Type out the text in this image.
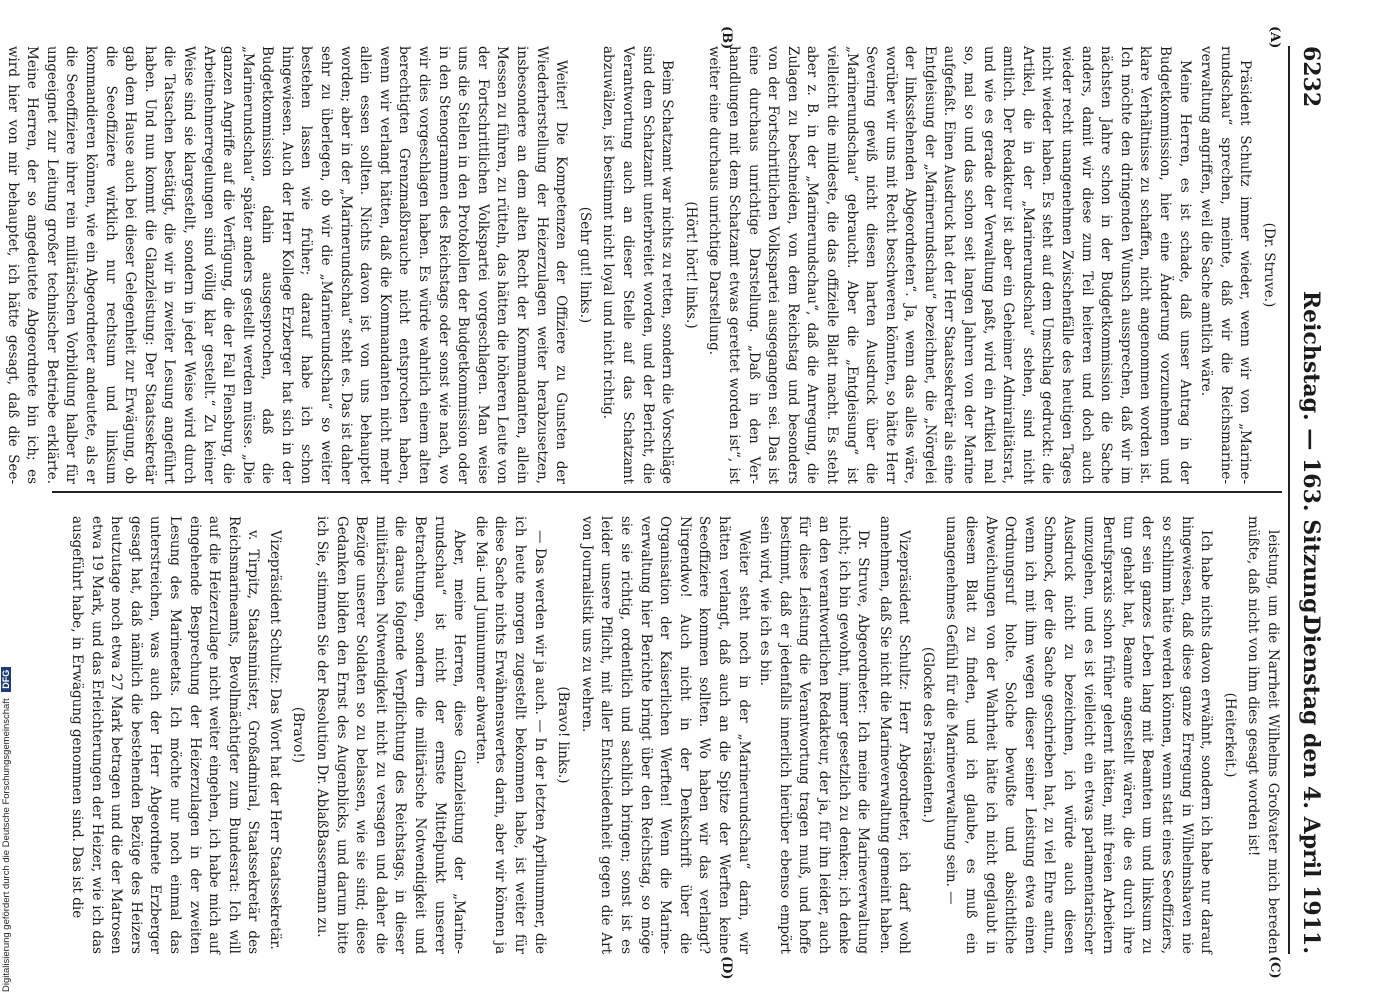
6232
Reichstag. — 163. Sitzung.
Dienstag den 4. April 1911.
(A)
(B)
(C)
(D)

(Dr. Struve.)

Präsident Schultz immer wieder, wenn wir von „Marinerundschau“ sprechen, meinte, daß wir die Reichsmarineverwaltung angriffen, weil die Sache amtlich wäre.

Meine Herren, es ist schade, daß unser Antrag in der Budgetkommission, hier eine Änderung vorzunehmen und klare Verhältnisse zu schaffen, nicht angenommen worden ist. Ich möchte den dringenden Wunsch aussprechen, daß wir im nächsten Jahre schon in der Budgetkommission die Sache anders, damit wir diese zum Teil heiteren und doch auch wieder recht unangenehmen Zwischenfälle des heutigen Tages nicht wieder haben. Es steht auf dem Umschlag gedruckt: die Artikel, die in der „Marinerundschau“ stehen, sind nicht amtlich. Der Redakteur ist aber ein Geheimer Admiralitätsrat, und wie es gerade der Verwaltung paßt, wird ein Artikel mal so, mal so und das schon seit langen Jahren von der Marine aufgefaßt. Einen Ausdruck hat der Herr Staatssekretär als eine Entgleisung der „Marinerundschau“ bezeichnet, die „Nörgelei der linksstehenden Abgeordneten“. Ja, wenn das alles wäre, worüber wir uns mit Recht beschweren könnten, so hätte Herr Severing gewiß nicht diesen harten Ausdruck über die „Marinerundschau“ gebraucht. Aber die „Entgleisung“ ist vielleicht die mildeste, die das offizielle Blatt macht. Es steht aber z. B. in der „Marinerundschau“, daß die Anregung, die Zulagen zu beschneiden, von dem Reichstag und besonders von der Fortschrittlichen Volkspartei ausgegangen sei. Das ist eine durchaus unrichtige Darstellung. „Daß in den Verhandlungen mit dem Schatzamt etwas gerettet worden ist“, ist weiter eine durchaus unrichtige Darstellung.

(Hört! hört! links.)

Beim Schatzamt war nichts zu retten, sondern die Vorschläge sind dem Schatzamt unterbreitet worden, und der Bericht, die Verantwortung auch an dieser Stelle auf das Schatzamt abzuwälzen, ist bestimmt nicht loyal und nicht richtig.

(Sehr gut! links.)

Weiter! Die Kompetenzen der Offiziere zu Gunsten der Wiederherstellung der Heizerzulagen weiter herabzusetzen, insbesondere an dem alten Recht der Kommandanten, allein Messen zu führen, zu rütteln, das hätten die höheren Leute von der Fortschrittlichen Volkspartei vorgeschlagen. Man weise uns die Stellen in den Protokollen der Budgetkommission oder in den Stenogrammen des Reichstags oder sonst wie nach, wo wir dies vorgeschlagen haben. Es würde wahrlich einem alten berechtigten Grenzmaßbrauche nicht entsprochen haben, wenn wir verlangt hätten, daß die Kommandanten nicht mehr allein essen sollten. Nichts davon ist von uns behauptet worden; aber in der „Marinerundschau“ steht es. Das ist daher sehr zu überlegen, ob wir die „Marinerundschau“ so weiter bestehen lassen wie früher; darauf habe ich schon hingewiesen. Auch der Herr Kollege Erzberger hat sich in der Budgetkommission dahin ausgesprochen, daß die „Marinerundschau“ später anders gestellt werden müsse. „Die ganzen Angriffe auf die Verfügung, die der Fall Flensburg, die Arbeitnehmerregelungen sind völlig klar gestellt.“ Zu keiner Weise sind sie klargestellt, sondern in jeder Weise wird durch die Tatsachen bestätigt, die wir in zweiter Lesung angeführt haben. Und nun kommt die Glanzleistung: Der Staatssekretär gab dem Hause auch bei dieser Gelegenheit zur Erwägung, ob die Seeoffiziere wirklich nur rechtsum und linksum kommandieren können, wie ein Abgeordneter andeutete, als er die Seeoffiziere ihrer rein militärischen Vorbildung halber für ungeeignet zur Leitung großer technischer Betriebe erklärte. Meine Herren, der so angedeutete Abgeordnete bin ich; es wird hier von mir behauptet, ich hätte gesagt, daß die See

leistung, um die Narrheit Wilhelms Großvater mich bereden müßte, daß nicht von ihm dies gesagt worden ist!

(Heiterkeit.)

Ich habe nichts davon erwähnt, sondern ich habe nur darauf hingewiesen, daß diese ganze Erregung in Wilhelmshaven nie so schlimm hätte werden können, wenn statt eines Seeoffiziers, der sein ganzes Leben lang mit Beamten um und linksum zu tun gehabt hat, Beamte angestellt wären, die es durch ihre Berufspraxis schon früher gelernt hätten, mit freien Arbeitern umzugehen, und es ist vielleicht ein etwas parlamentarischer Ausdruck nicht zu bezeichnen, ich würde auch diesen Schmock, der die Sache geschrieben hat, zu viel Ehre antun, wenn ich mit ihm wegen dieser seiner Leistung etwa einen Ordnungsruf holte. Solche bewußte und absichtliche Abweichungen von der Wahrheit hätte ich nicht geglaubt in diesem Blatt zu finden, und ich glaube, es muß ein unangenehmes Gefühl für die Marineverwaltung sein. —

(Glocke des Präsidenten.)

Vizepräsident Schultz: Herr Abgeordneter, ich darf wohl annehmen, daß Sie nicht die Marineverwaltung gemeint haben.

Dr. Struve, Abgeordneter: Ich meine die Marineverwaltung nicht; ich bin gewohnt, immer gesetzlich zu denken; ich denke an den verantwortlichen Redakteur, der ja, für ihn leider, auch für diese Leistung die Verantwortung tragen muß, und hoffe bestimmt, daß er jedenfalls innerlich hierüber ebenso empört sein wird, wie ich es bin.

Weiter steht noch in der „Marinerundschau“ darin, wir hätten verlangt, daß auch an die Spitze der Werften keine Seeoffiziere kommen sollten. Wo haben wir das verlangt? Nirgendwo! Auch nicht in der Denkschrift über die Organisation der Kaiserlichen Werften! Wenn die Marineverwaltung hier Berichte bringt über den Reichstag, so möge sie sie richtig, ordentlich und sachlich bringen; sonst ist es leider unsere Pflicht, mit aller Entschiedenheit gegen die Art von Journalistik uns zu wehren.

(Bravo! links.)

— Das werden wir ja auch. — In der letzten Aprilnummer, die ich heute morgen zugestellt bekommen habe, ist weiter für diese Sache nichts Erwähnenswertes darin, aber wir können ja die Mai- und Juninummer abwarten.

Aber, meine Herren, diese Glanzleistung der „Marinerundschau“ ist nicht der ernste Mittelpunkt unserer Betrachtungen, sondern die militärische Notwendigkeit und die daraus folgende Verpflichtung des Reichstags, in dieser militärischen Notwendigkeit nicht zu versagen und daher die Bezüge unserer Soldaten so zu belassen, wie sie sind; diese Gedanken bilden den Ernst des Augenblicks, und darum bitte ich Sie, stimmen Sie der Resolution Dr. AblaßBassermann zu.

(Bravo!)

Vizepräsident Schultz: Das Wort hat der Herr Staatssekretär.

v. Tirpitz, Staatsminister, Großadmiral, Staatssekretär des Reichsmarineamts, Bevollmächtigter zum Bundesrat: Ich will auf die Heizerzulage nicht weiter eingehen, ich habe mich auf eingehende Besprechung der Heizerzulagen in der zweiten Lesung des Marineetats. Ich möchte nur noch einmal das unterstreichen, was auch der Herr Abgeordnete Erzberger gesagt hat, daß nämlich die bestehenden Bezüge des Heizers heutzutage noch etwa 27 Mark betragen und die der Matrosen etwa 19 Mark, und das Erleichterungen der Heizer, wie ich das ausgeführt habe, in Erwägung genommen sind. Das ist die

Digitalisierung gefördert durch die Deutsche Forschungsgemeinschaft DFG
